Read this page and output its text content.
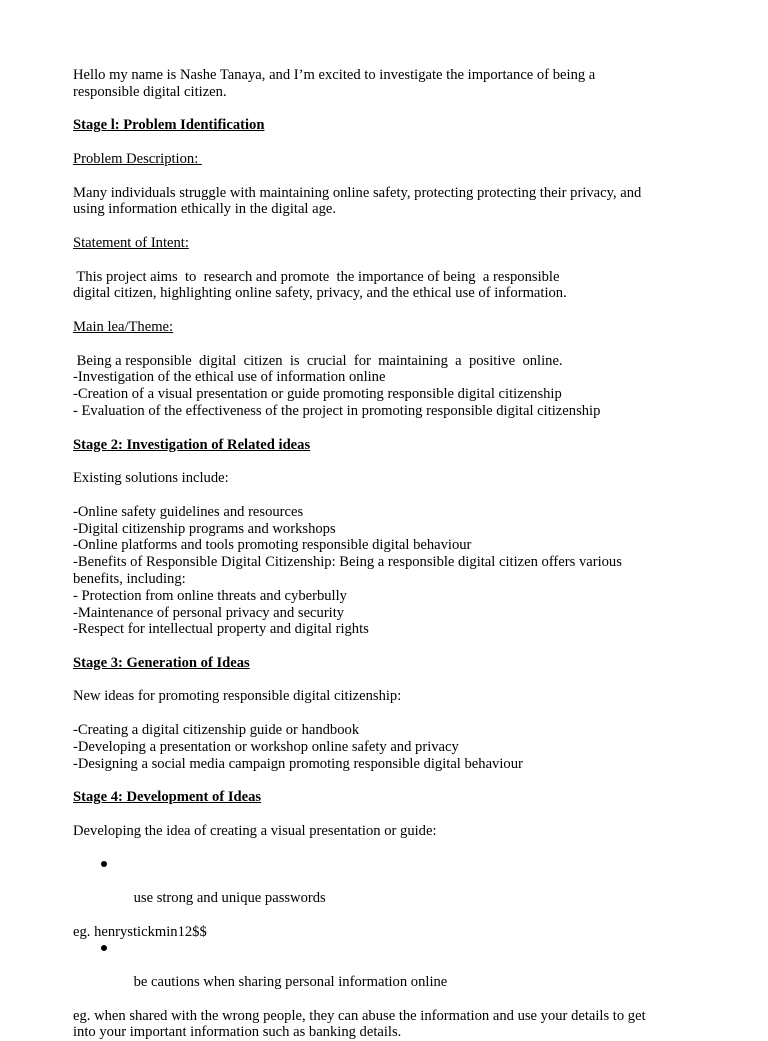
Hello my name is Nashe Tanaya, and I’m excited to investigate the importance of being a
responsible digital citizen.
Stage l: Problem Identification
Problem Description:
Many individuals struggle with maintaining online safety, protecting protecting their privacy, and
using information ethically in the digital age.
Statement of Intent:
This project aims  to  research and promote  the importance of being  a responsible
digital citizen, highlighting online safety, privacy, and the ethical use of information.
Main lea/Theme:
Being a responsible  digital  citizen  is  crucial  for  maintaining  a  positive  online.
-Investigation of the ethical use of information online
-Creation of a visual presentation or guide promoting responsible digital citizenship
- Evaluation of the effectiveness of the project in promoting responsible digital citizenship
Stage 2: Investigation of Related ideas
Existing solutions include:
-Online safety guidelines and resources
-Digital citizenship programs and workshops
-Online platforms and tools promoting responsible digital behaviour
-Benefits of Responsible Digital Citizenship: Being a responsible digital citizen offers various
benefits, including:
- Protection from online threats and cyberbully
-Maintenance of personal privacy and security
-Respect for intellectual property and digital rights
Stage 3: Generation of Ideas
New ideas for promoting responsible digital citizenship:
-Creating a digital citizenship guide or handbook
-Developing a presentation or workshop online safety and privacy
-Designing a social media campaign promoting responsible digital behaviour
Stage 4: Development of Ideas
Developing the idea of creating a visual presentation or guide:

use strong and unique passwords

eg. henrystickmin12$$

be cautions when sharing personal information online

eg. when shared with the wrong people, they can abuse the information and use your details to get
into your important information such as banking details.
